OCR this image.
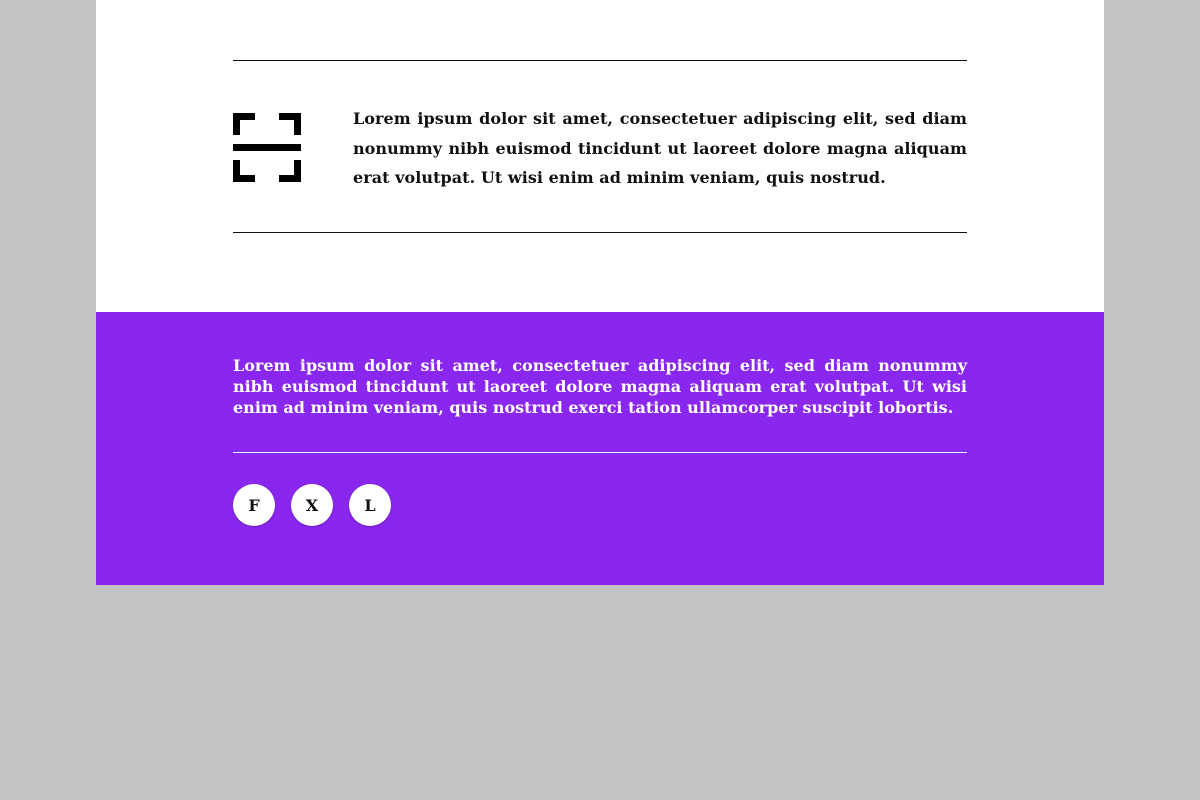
Lorem ipsum dolor sit amet, consectetuer adipiscing elit, sed diam nonummy nibh euismod tincidunt ut laoreet dolore magna aliquam erat volutpat. Ut wisi enim ad minim veniam, quis nostrud.

Lorem ipsum dolor sit amet, consectetuer adipiscing elit, sed diam nonummy nibh euismod tincidunt ut laoreet dolore magna aliquam erat volutpat. Ut wisi enim ad minim veniam, quis nostrud exerci tation ullamcorper suscipit lobortis.

F	X	L
